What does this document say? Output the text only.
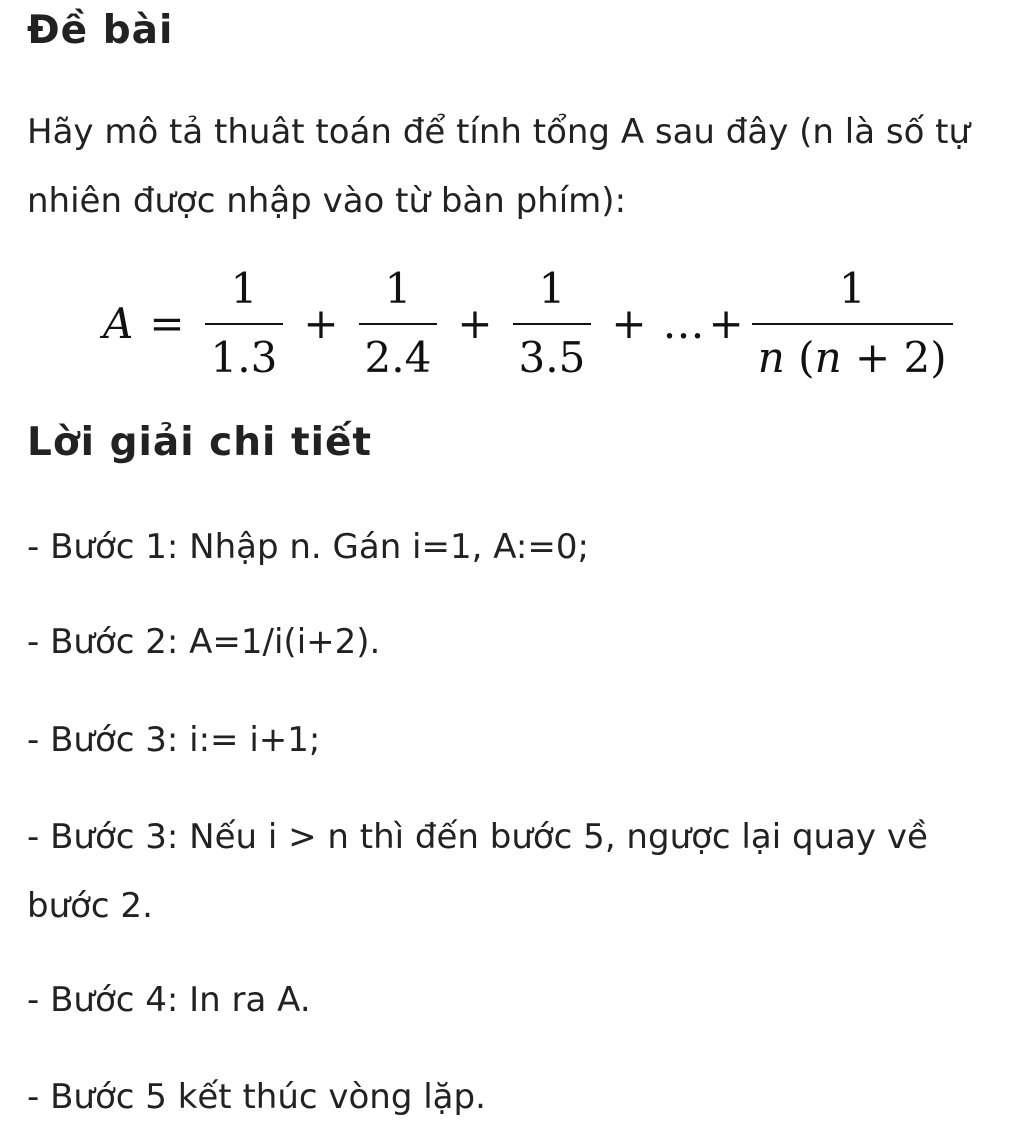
Đề bài

Hãy mô tả thuât toán để tính tổng A sau đây (n là số tự nhiên được nhập vào từ bàn phím):

$A = \frac{1}{1.3} + \frac{1}{2.4} + \frac{1}{3.5}$ + … + $\frac{1}{n (n + 2)}$
Lời giải chi tiết

- Bước 1: Nhập n. Gán i=1, A:=0;

- Bước 2: A=1/i(i+2).

- Bước 3: i:= i+1;

- Bước 3: Nếu i > n thì đến bước 5, ngược lại quay về bước 2.

- Bước 4: In ra A.

- Bước 5 kết thúc vòng lặp.
